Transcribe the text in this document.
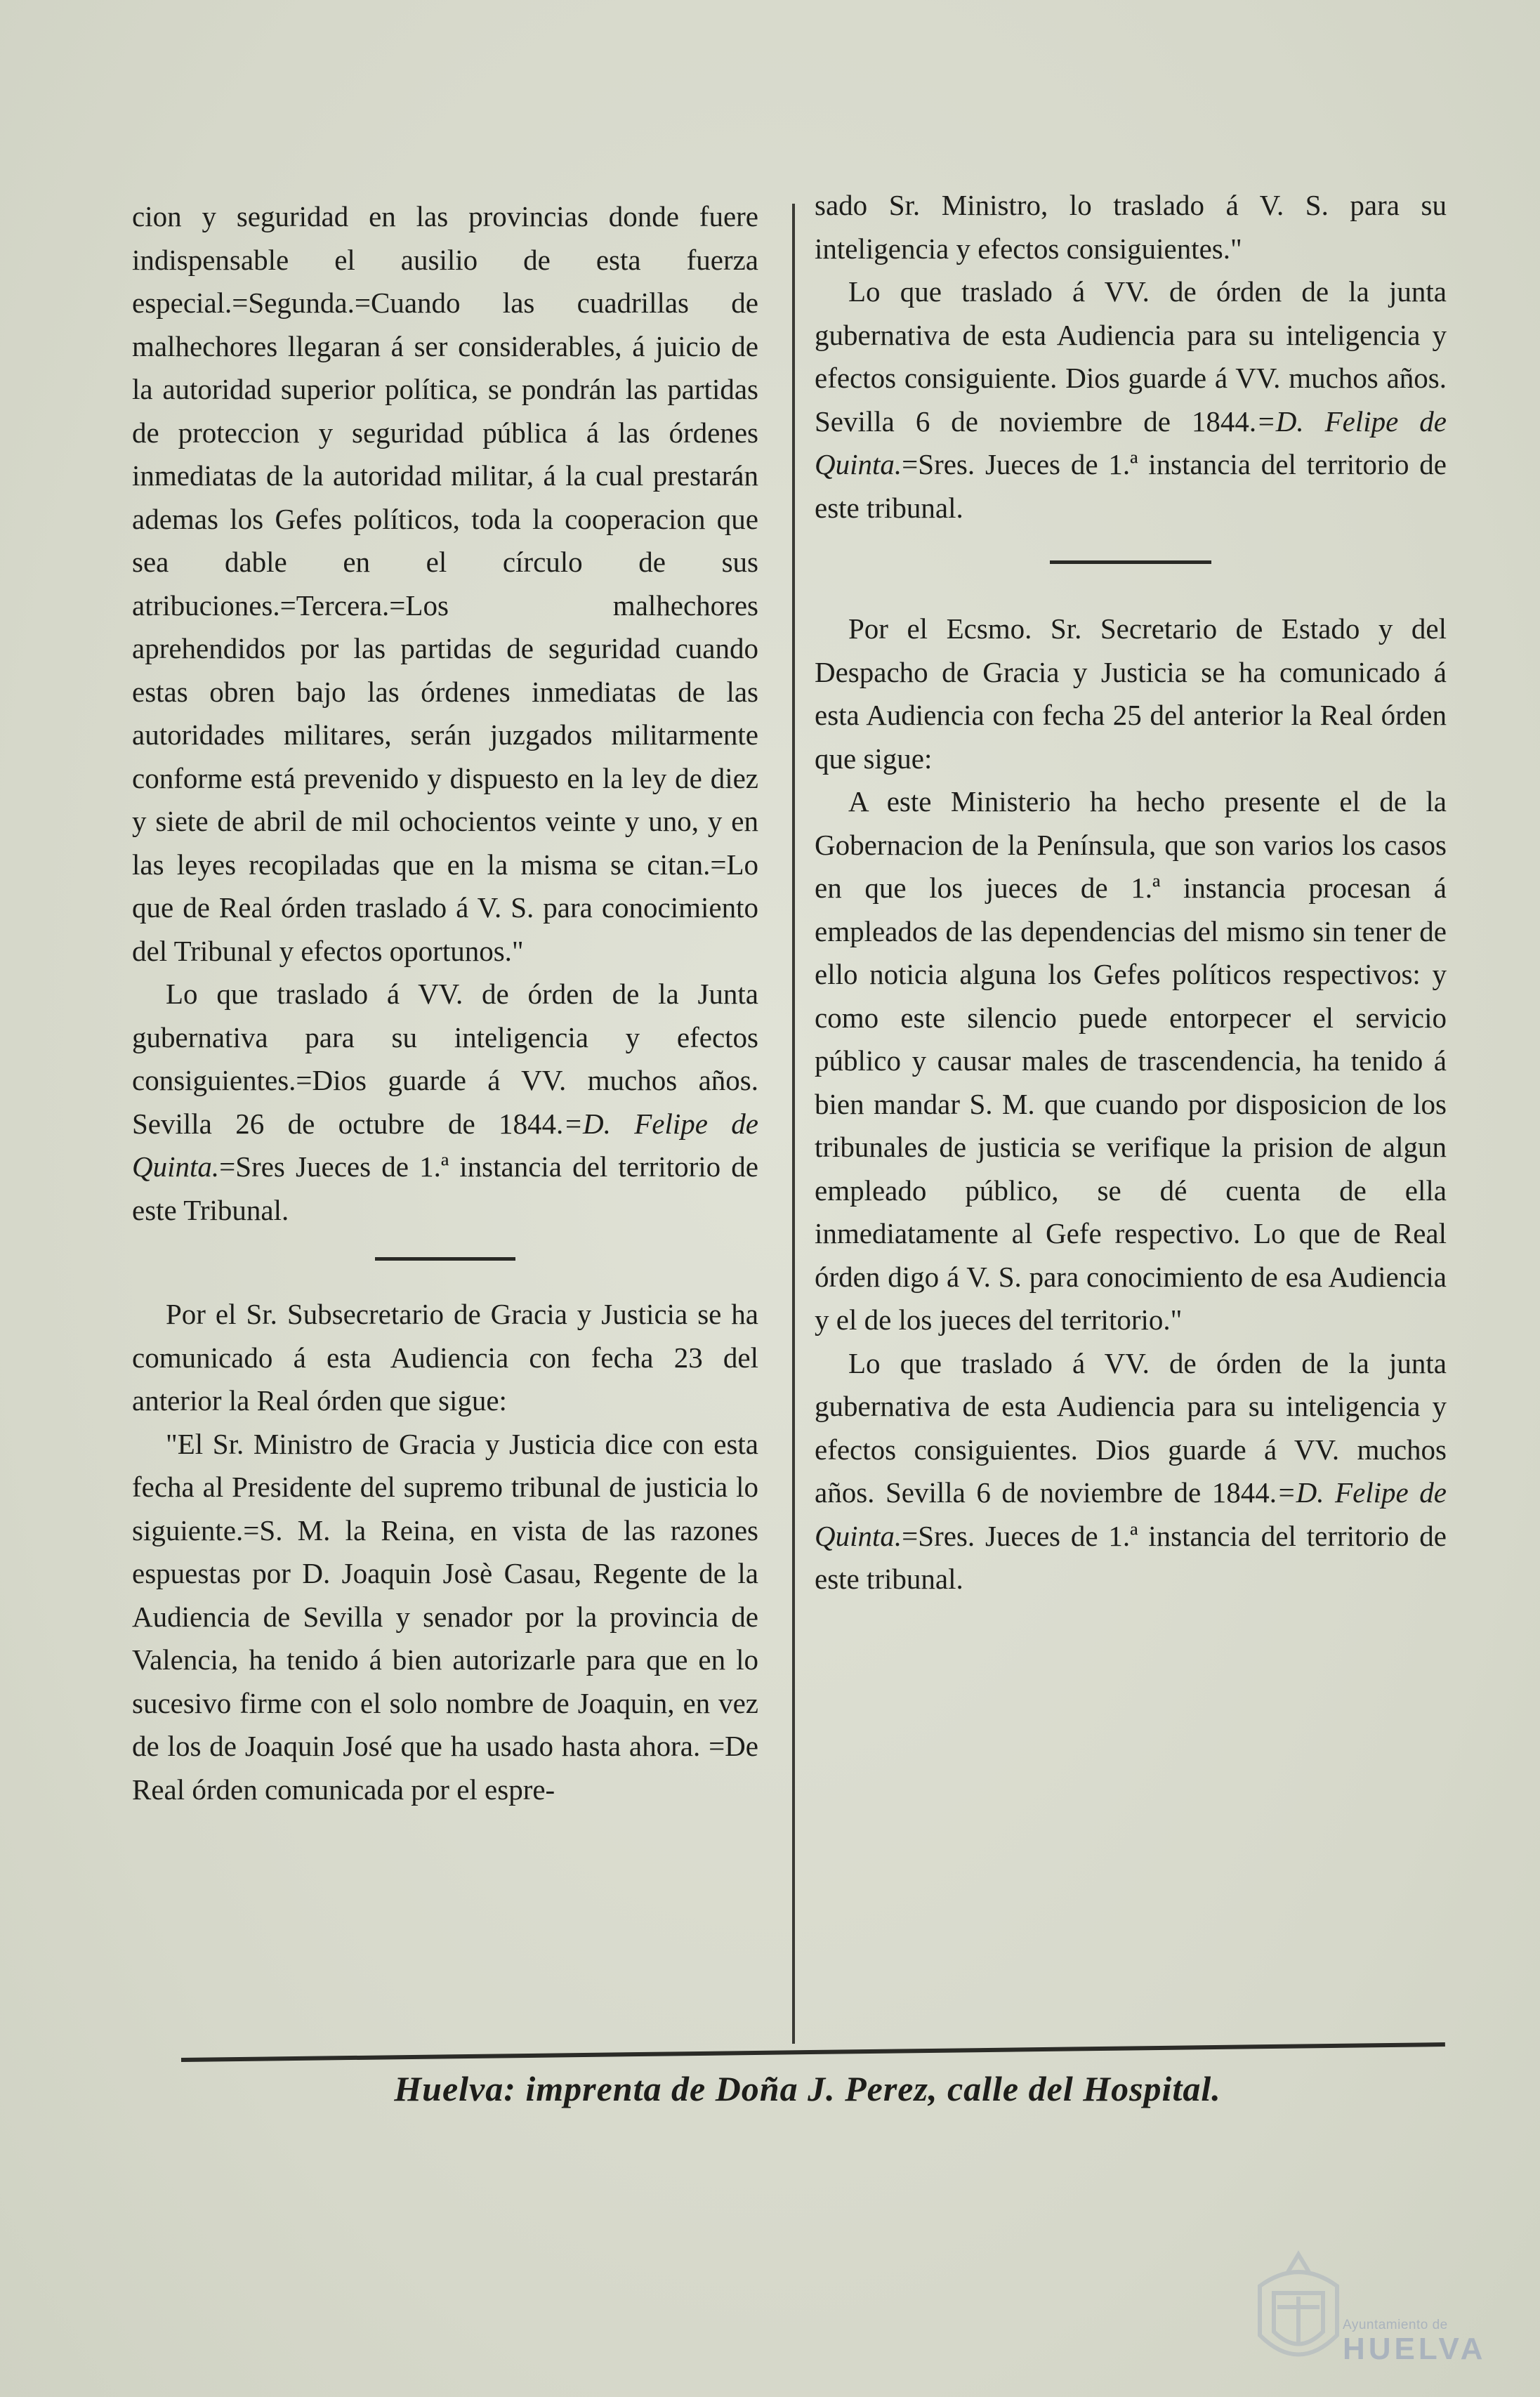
cion y seguridad en las provincias donde fuere indispensable el ausilio de esta fuerza especial.=Segunda.=Cuando las cuadrillas de malhechores llegaran á ser considerables, á juicio de la autoridad superior política, se pondrán las partidas de proteccion y seguridad pública á las órdenes inmediatas de la autoridad militar, á la cual prestarán ademas los Gefes políticos, toda la cooperacion que sea dable en el círculo de sus atribuciones.=Tercera.=Los malhechores aprehendidos por las partidas de seguridad cuando estas obren bajo las órdenes inmediatas de las autoridades militares, serán juzgados militarmente conforme está prevenido y dispuesto en la ley de diez y siete de abril de mil ochocientos veinte y uno, y en las leyes recopiladas que en la misma se citan.=Lo que de Real órden traslado á V. S. para conocimiento del Tribunal y efectos oportunos."

Lo que traslado á VV. de órden de la Junta gubernativa para su inteligencia y efectos consiguientes.=Dios guarde á VV. muchos años. Sevilla 26 de octubre de 1844.=D. Felipe de Quinta.=Sres Jueces de 1.ª instancia del territorio de este Tribunal.

Por el Sr. Subsecretario de Gracia y Justicia se ha comunicado á esta Audiencia con fecha 23 del anterior la Real órden que sigue:

"El Sr. Ministro de Gracia y Justicia dice con esta fecha al Presidente del supremo tribunal de justicia lo siguiente.=S. M. la Reina, en vista de las razones espuestas por D. Joaquin Josè Casau, Regente de la Audiencia de Sevilla y senador por la provincia de Valencia, ha tenido á bien autorizarle para que en lo sucesivo firme con el solo nombre de Joaquin, en vez de los de Joaquin José que ha usado hasta ahora. =De Real órden comunicada por el espre-

sado Sr. Ministro, lo traslado á V. S. para su inteligencia y efectos consiguientes."

Lo que traslado á VV. de órden de la junta gubernativa de esta Audiencia para su inteligencia y efectos consiguiente. Dios guarde á VV. muchos años. Sevilla 6 de noviembre de 1844.=D. Felipe de Quinta.=Sres. Jueces de 1.ª instancia del territorio de este tribunal.

Por el Ecsmo. Sr. Secretario de Estado y del Despacho de Gracia y Justicia se ha comunicado á esta Audiencia con fecha 25 del anterior la Real órden que sigue:

A este Ministerio ha hecho presente el de la Gobernacion de la Península, que son varios los casos en que los jueces de 1.ª instancia procesan á empleados de las dependencias del mismo sin tener de ello noticia alguna los Gefes políticos respectivos: y como este silencio puede entorpecer el servicio público y causar males de trascendencia, ha tenido á bien mandar S. M. que cuando por disposicion de los tribunales de justicia se verifique la prision de algun empleado público, se dé cuenta de ella inmediatamente al Gefe respectivo. Lo que de Real órden digo á V. S. para conocimiento de esa Audiencia y el de los jueces del territorio."

Lo que traslado á VV. de órden de la junta gubernativa de esta Audiencia para su inteligencia y efectos consiguientes. Dios guarde á VV. muchos años. Sevilla 6 de noviembre de 1844.=D. Felipe de Quinta.=Sres. Jueces de 1.ª instancia del territorio de este tribunal.

Huelva: imprenta de Doña J. Perez, calle del Hospital.
Ayuntamiento de
HUELVA
